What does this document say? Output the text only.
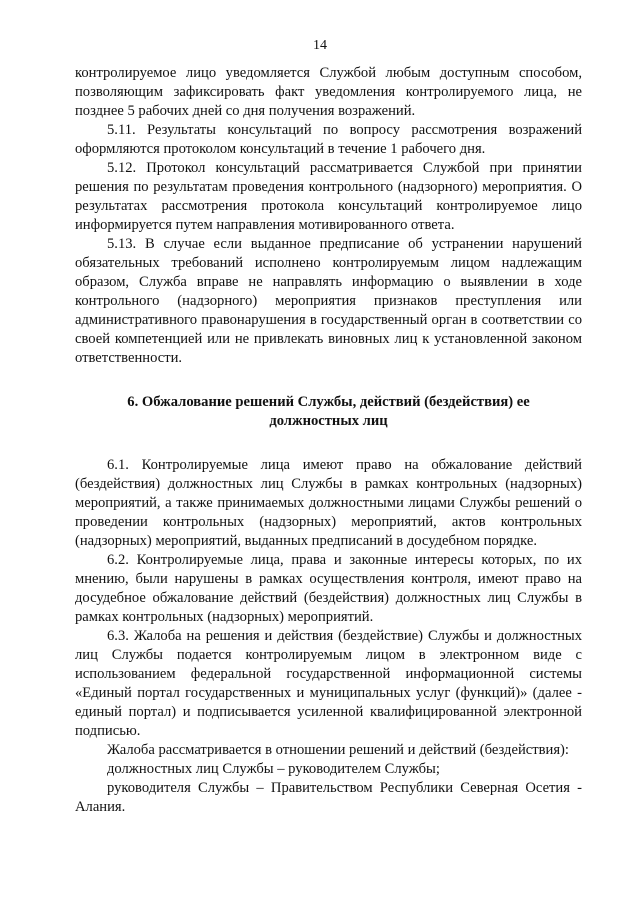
14

контролируемое лицо уведомляется Службой любым доступным способом, позволяющим зафиксировать факт уведомления контролируемого лица, не позднее 5 рабочих дней со дня получения возражений.

5.11. Результаты консультаций по вопросу рассмотрения возражений оформляются протоколом консультаций в течение 1 рабочего дня.

5.12. Протокол консультаций рассматривается Службой при принятии решения по результатам проведения контрольного (надзорного) мероприятия. О результатах рассмотрения протокола консультаций контролируемое лицо информируется путем направления мотивированного ответа.

5.13. В случае если выданное предписание об устранении нарушений обязательных требований исполнено контролируемым лицом надлежащим образом, Служба вправе не направлять информацию о выявлении в ходе контрольного (надзорного) мероприятия признаков преступления или административного правонарушения в государственный орган в соответствии со своей компетенцией или не привлекать виновных лиц к установленной законом ответственности.

6. Обжалование решений Службы, действий (бездействия) ее
должностных лиц

6.1. Контролируемые лица имеют право на обжалование действий (бездействия) должностных лиц Службы в рамках контрольных (надзорных) мероприятий, а также принимаемых должностными лицами Службы решений о проведении контрольных (надзорных) мероприятий, актов контрольных (надзорных) мероприятий, выданных предписаний в досудебном порядке.

6.2. Контролируемые лица, права и законные интересы которых, по их мнению, были нарушены в рамках осуществления контроля, имеют право на досудебное обжалование действий (бездействия) должностных лиц Службы в рамках контрольных (надзорных) мероприятий.

6.3. Жалоба на решения и действия (бездействие) Службы и должностных лиц Службы подается контролируемым лицом в электронном виде с использованием федеральной государственной информационной системы «Единый портал государственных и муниципальных услуг (функций)» (далее - единый портал) и подписывается усиленной квалифицированной электронной подписью.

Жалоба рассматривается в отношении решений и действий (бездействия):

должностных лиц Службы – руководителем Службы;

руководителя Службы – Правительством Республики Северная Осетия - Алания.
